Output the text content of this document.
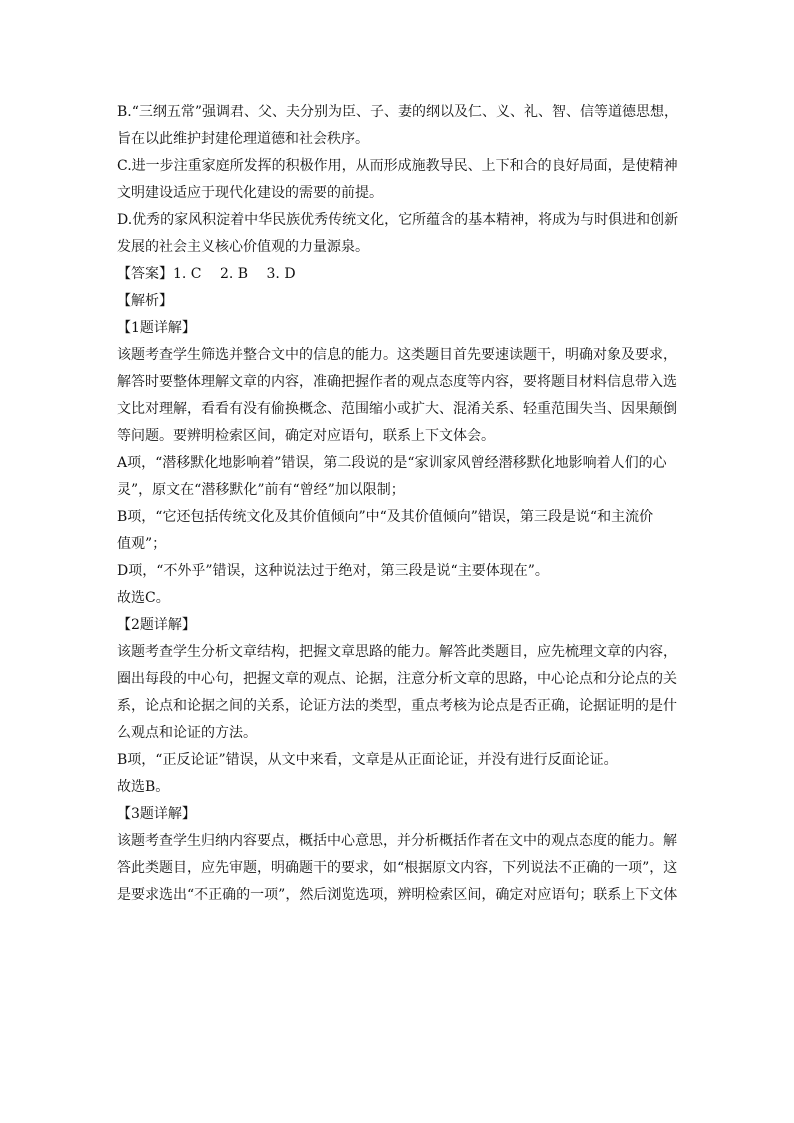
B.“三纲五常”强调君、父、夫分别为臣、子、妻的纲以及仁、义、礼、智、信等道德思想，
旨在以此维护封建伦理道德和社会秩序。

C.进一步注重家庭所发挥的积极作用，从而形成施教导民、上下和合的良好局面，是使精神
文明建设适应于现代化建设的需要的前提。

D.优秀的家风积淀着中华民族优秀传统文化，它所蕴含的基本精神，将成为与时俱进和创新
发展的社会主义核心价值观的力量源泉。

【答案】1. C　 2. B　 3. D

【解析】

【1题详解】

该题考查学生筛选并整合文中的信息的能力。这类题目首先要速读题干，明确对象及要求，
解答时要整体理解文章的内容，准确把握作者的观点态度等内容，要将题目材料信息带入选
文比对理解，看看有没有偷换概念、范围缩小或扩大、混淆关系、轻重范围失当、因果颠倒
等问题。要辨明检索区间，确定对应语句，联系上下文体会。

A项，“潜移默化地影响着”错误，第二段说的是“家训家风曾经潜移默化地影响着人们的心
灵”，原文在“潜移默化”前有“曾经”加以限制；

B项，“它还包括传统文化及其价值倾向”中“及其价值倾向”错误，第三段是说“和主流价
值观”；

D项，“不外乎”错误，这种说法过于绝对，第三段是说“主要体现在”。

故选C。

【2题详解】

该题考查学生分析文章结构，把握文章思路的能力。解答此类题目，应先梳理文章的内容，
圈出每段的中心句，把握文章的观点、论据，注意分析文章的思路，中心论点和分论点的关
系，论点和论据之间的关系，论证方法的类型，重点考核为论点是否正确，论据证明的是什
么观点和论证的方法。

B项，“正反论证”错误，从文中来看，文章是从正面论证，并没有进行反面论证。

故选B。

【3题详解】

该题考查学生归纳内容要点，概括中心意思，并分析概括作者在文中的观点态度的能力。解
答此类题目，应先审题，明确题干的要求，如“根据原文内容，下列说法不正确的一项”，这
是要求选出“不正确的一项”，然后浏览选项，辨明检索区间，确定对应语句；联系上下文体
